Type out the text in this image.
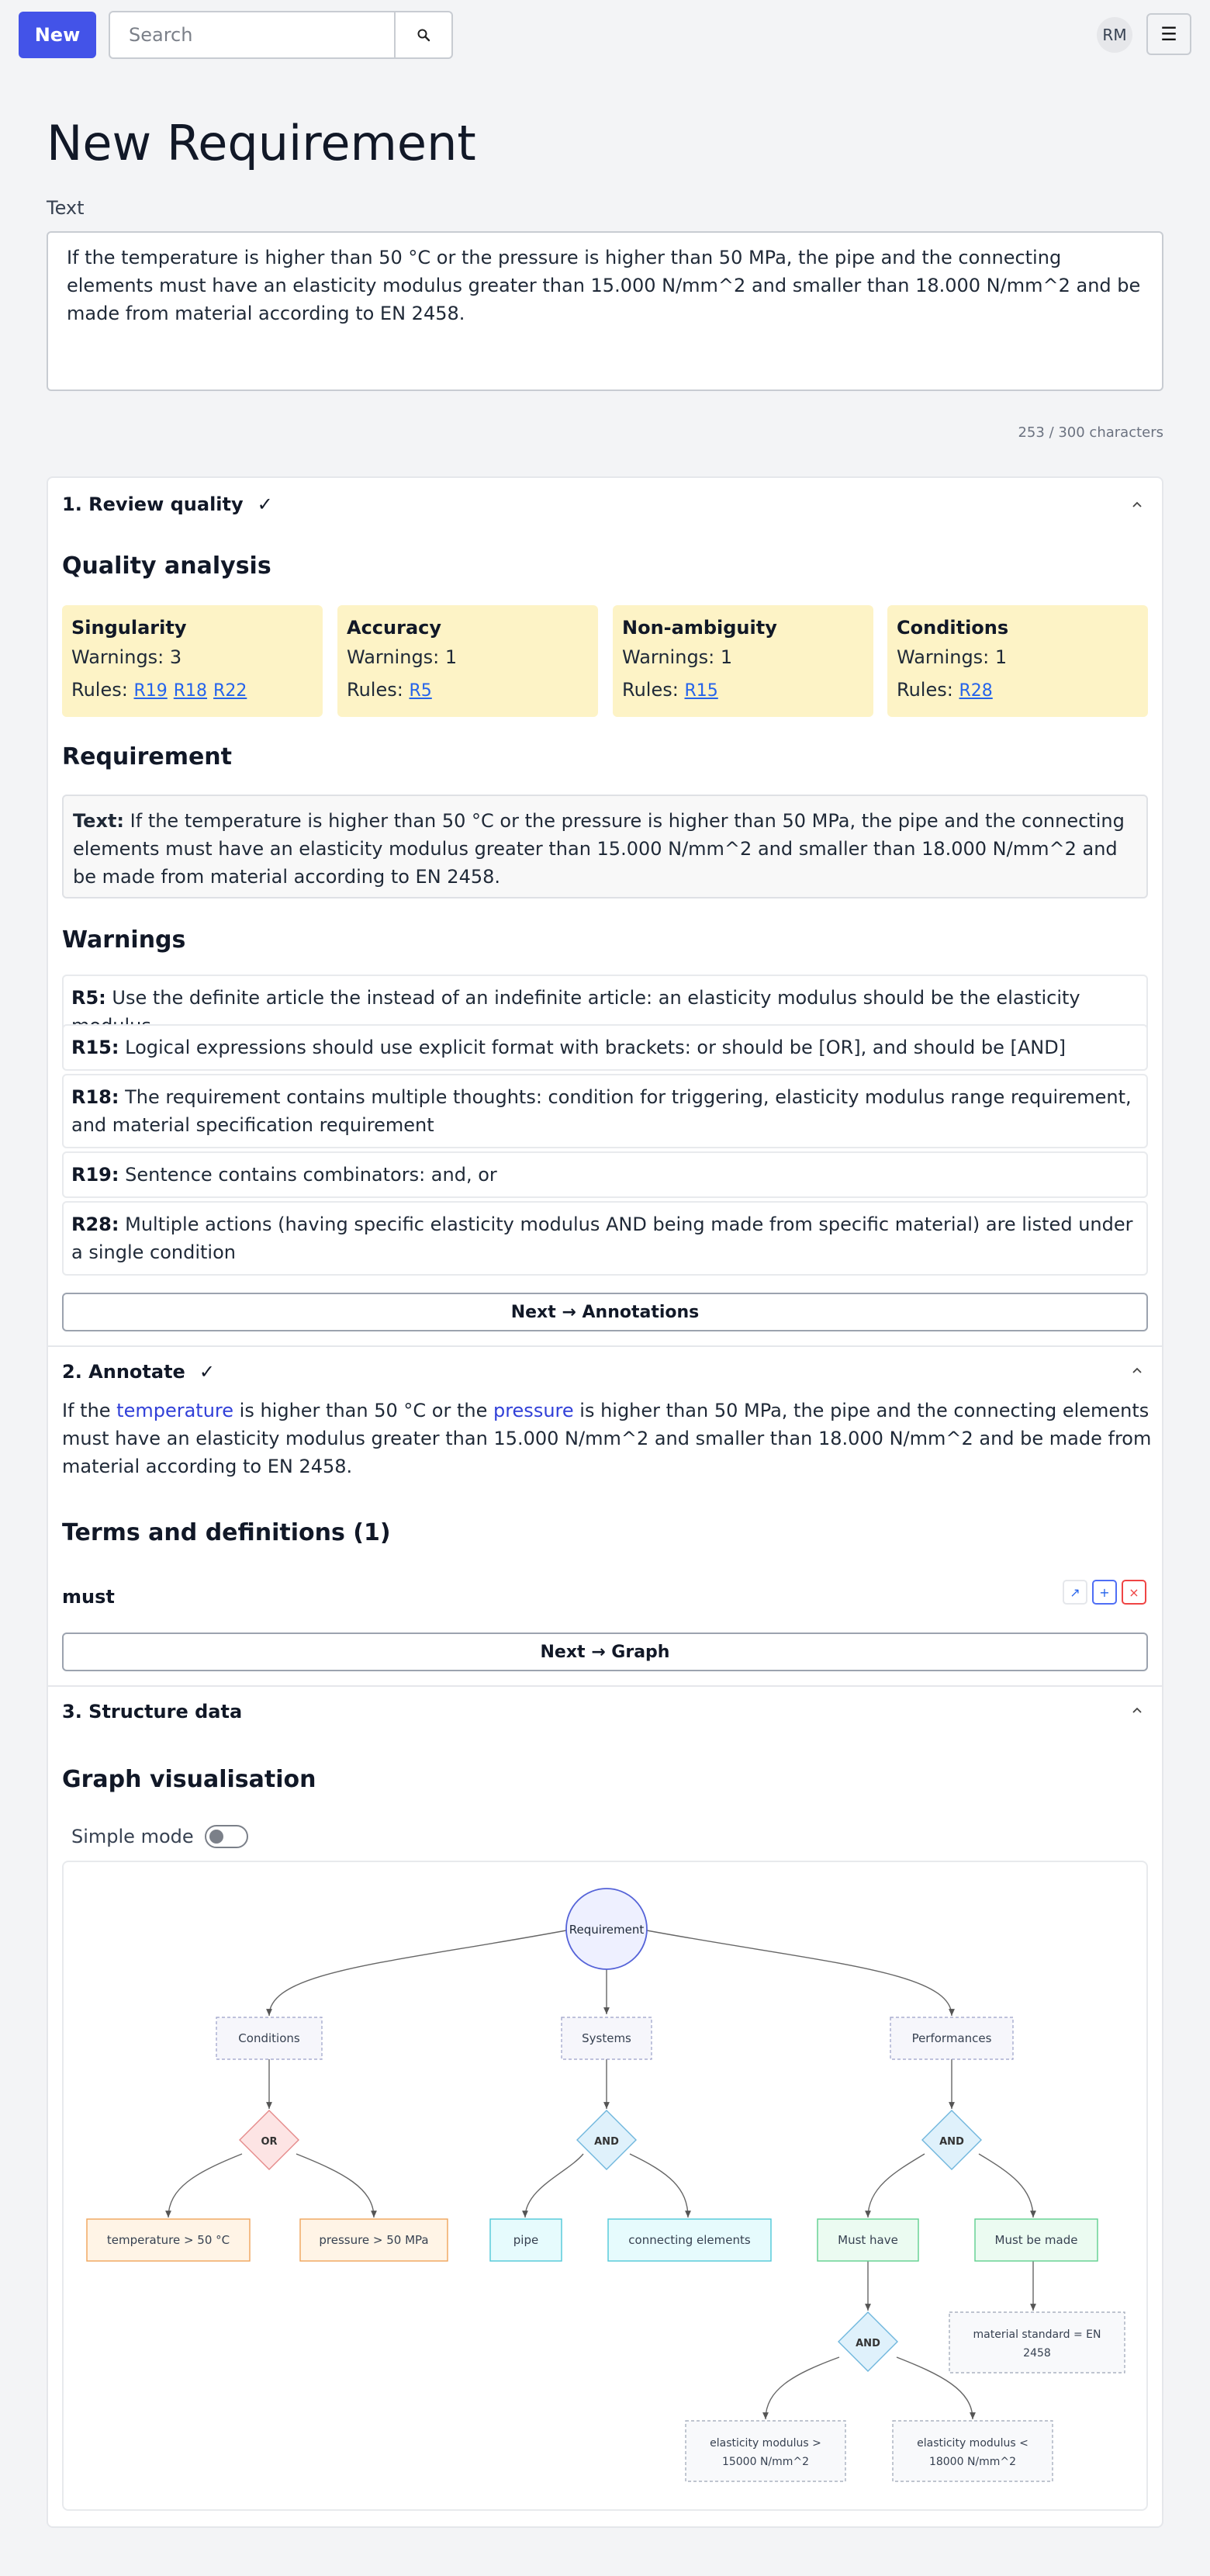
New
Search	RM	☰
New Requirement
Text
If the temperature is higher than 50 °C or the pressure is higher than 50 MPa, the pipe and the connecting elements must have an elasticity modulus greater than 15.000 N/mm^2 and smaller than 18.000 N/mm^2 and be made from material according to EN 2458.
253 / 300 characters
1. Review quality ✓
Quality analysis
Singularity
Warnings: 3
Rules: R19 R18 R22
Accuracy
Warnings: 1
Rules: R5
Non-ambiguity
Warnings: 1
Rules: R15
Conditions
Warnings: 1
Rules: R28
Requirement
Text: If the temperature is higher than 50 °C or the pressure is higher than 50 MPa, the pipe and the connecting elements must have an elasticity modulus greater than 15.000 N/mm^2 and smaller than 18.000 N/mm^2 and be made from material according to EN 2458.
Warnings
R5: Use the definite article the instead of an indefinite article: an elasticity modulus should be the elasticity
R15: Logical expressions should use explicit format with brackets: or should be [OR], and should be [AND]
R18: The requirement contains multiple thoughts: condition for triggering, elasticity modulus range requirement, and material specification requirement
R19: Sentence contains combinators: and, or
R28: Multiple actions (having specific elasticity modulus AND being made from specific material) are listed under a single condition
Next → Annotations
2. Annotate ✓
If the temperature is higher than 50 °C or the pressure is higher than 50 MPa, the pipe and the connecting elements must have an elasticity modulus greater than 15.000 N/mm^2 and smaller than 18.000 N/mm^2 and be made from material according to EN 2458.
Terms and definitions (1)
must	↗ + ×
Next → Graph
3. Structure data
Graph visualisation
Simple mode
Requirement
Conditions	Systems	Performances
OR	AND	AND
temperature > 50 °C	pressure > 50 MPa	pipe	connecting elements	Must have	Must be made
material standard = EN
2458
AND
elasticity modulus >
15000 N/mm^2
elasticity modulus <
18000 N/mm^2
